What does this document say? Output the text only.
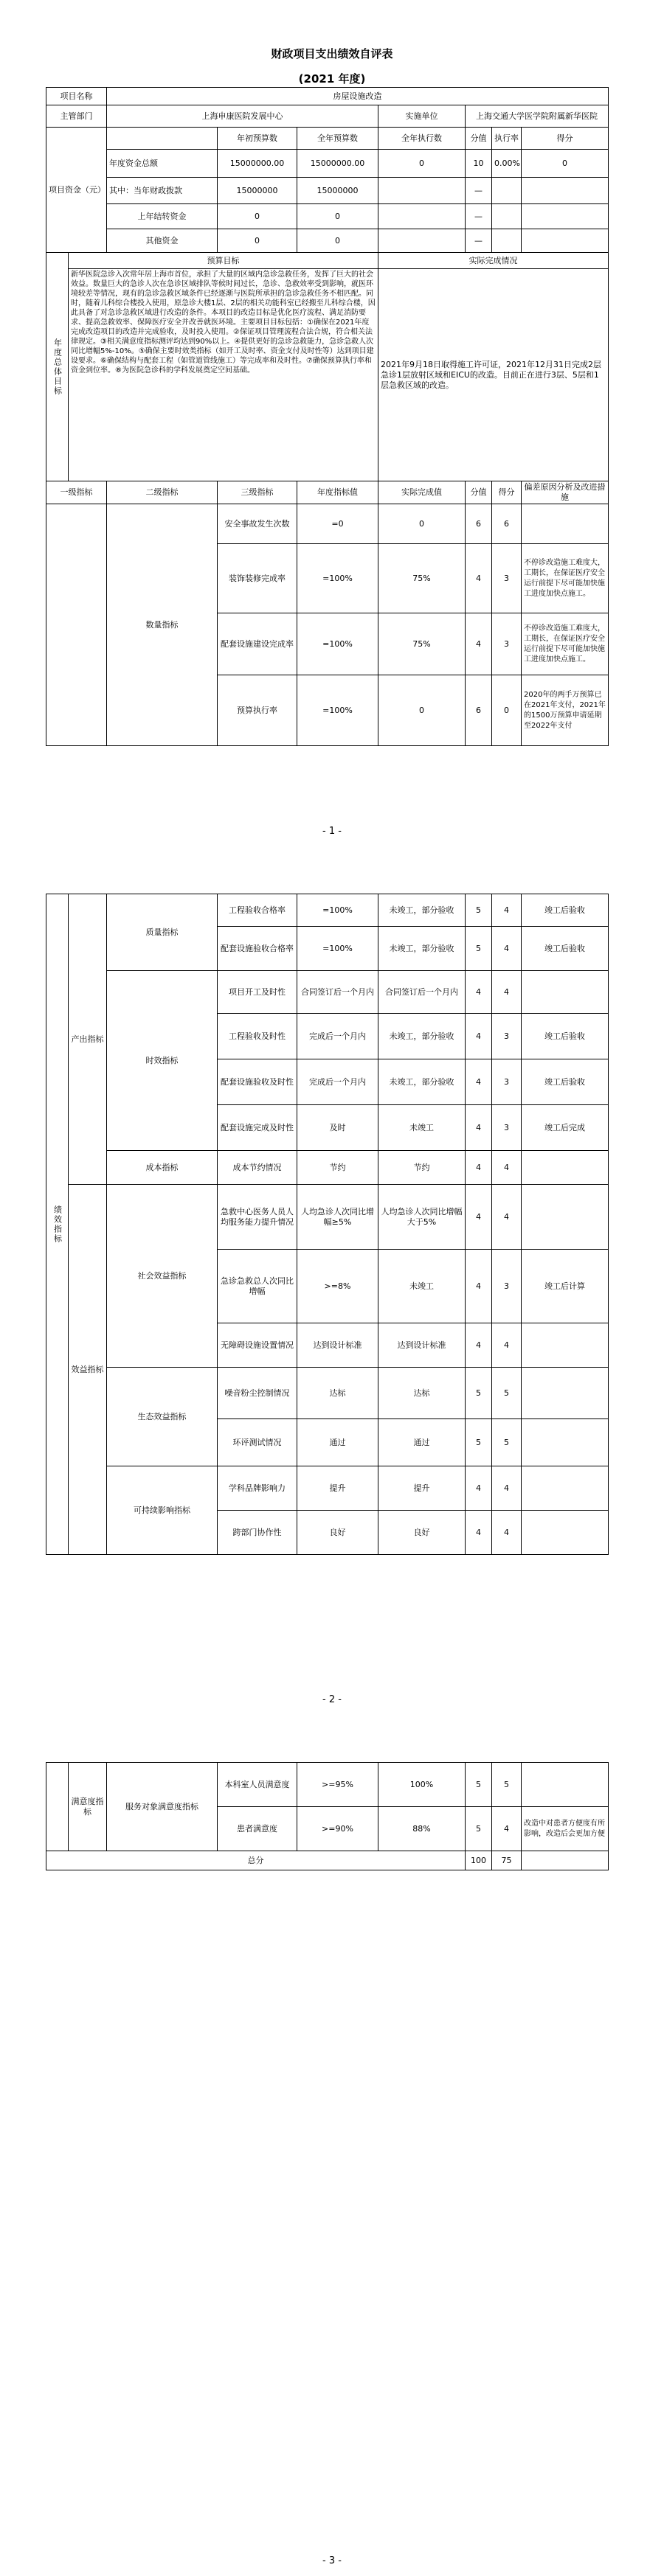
财政项目支出绩效自评表
(2021 年度)
项目名称		房屋设施改造						
主管部门		上海申康医院发展中心			实施单位	上海交通大学医学院附属新华医院		
项目资金（元）			年初预算数	全年预算数	全年执行数	分值	执行率	得分
		年度资金总额	15000000.00	15000000.00	0	10	0.00%	0
		其中：当年财政拨款	15000000	15000000		—		
		上年结转资金	0	0		—		
		其他资金	0	0		—		
年度总体目标	预算目标				实际完成情况			
	新华医院急诊入次常年居上海市首位，承担了大量的区域内急诊急救任务，发挥了巨大的社会效益。数量巨大的急诊人次在急诊区域排队等候时间过长，急诊、急救效率受到影响，就医环境较差等情况，现有的急诊急救区域条件已经逐渐与医院所承担的急诊急救任务不相匹配。同时，随着儿科综合楼投入使用，原急诊大楼1层、2层的相关功能科室已经搬至儿科综合楼，因此具备了对急诊急救区域进行改造的条件。本项目的改造目标是优化医疗流程、满足消防要求、提高急救效率、保障医疗安全并改善就医环境。主要项目目标包括：①确保在2021年度完成改造项目的改造并完成验收，及时投入使用。②保证项目管理流程合法合规，符合相关法律规定。③相关满意度指标测评均达到90%以上。④提供更好的急诊急救能力，急诊急救人次同比增幅5%-10%。⑤确保主要时效类指标（如开工及时率、资金支付及时性等）达到项目建设要求。⑥确保结构与配套工程（如管道管线施工）等完成率和及时性。⑦确保预算执行率和资金到位率。⑧为医院急诊科的学科发展奠定空间基础。				2021年9月18日取得施工许可证，2021年12月31日完成2层急诊1层放射区域和EICU的改造。目前正在进行3层、5层和1层急救区域的改造。			
一级指标		二级指标	三级指标	年度指标值	实际完成值	分值	得分	偏差原因分析及改进措施
		数量指标	安全事故发生次数	=0	0	6	6	
			装饰装修完成率	=100%	75%	4	3	不停诊改造施工难度大，工期长，在保证医疗安全运行前提下尽可能加快施工进度加快点施工。
			配套设施建设完成率	=100%	75%	4	3	不停诊改造施工难度大，工期长，在保证医疗安全运行前提下尽可能加快施工进度加快点施工。
			预算执行率	=100%	0	6	0	2020年的两手万预算已在2021年支付，2021年的1500万预算申请延期至2022年支付
- 1 -
绩效指标	产出指标	质量指标	工程验收合格率	=100%	未竣工，部分验收	5	4	竣工后验收
			配套设施验收合格率	=100%	未竣工，部分验收	5	4	竣工后验收
		时效指标	项目开工及时性	合同签订后一个月内	合同签订后一个月内	4	4	
			工程验收及时性	完成后一个月内	未竣工，部分验收	4	3	竣工后验收
			配套设施验收及时性	完成后一个月内	未竣工，部分验收	4	3	竣工后验收
			配套设施完成及时性	及时	未竣工	4	3	竣工后完成
		成本指标	成本节约情况	节约	节约	4	4	
	效益指标	社会效益指标	急救中心医务人员人均服务能力提升情况	人均急诊人次同比增幅≥5%	人均急诊人次同比增幅大于5%	4	4	
			急诊急救总人次同比增幅	>=8%	未竣工	4	3	竣工后计算
			无障碍设施设置情况	达到设计标准	达到设计标准	4	4	
		生态效益指标	噪音粉尘控制情况	达标	达标	5	5	
			环评测试情况	通过	通过	5	5	
		可持续影响指标	学科品牌影响力	提升	提升	4	4	
			跨部门协作性	良好	良好	4	4	
- 2 -
	满意度指标	服务对象满意度指标	本科室人员满意度	>=95%	100%	5	5	
			患者满意度	>=90%	88%	5	4	改造中对患者方便度有所影响，改造后会更加方便
总分						100	75	
- 3 -
